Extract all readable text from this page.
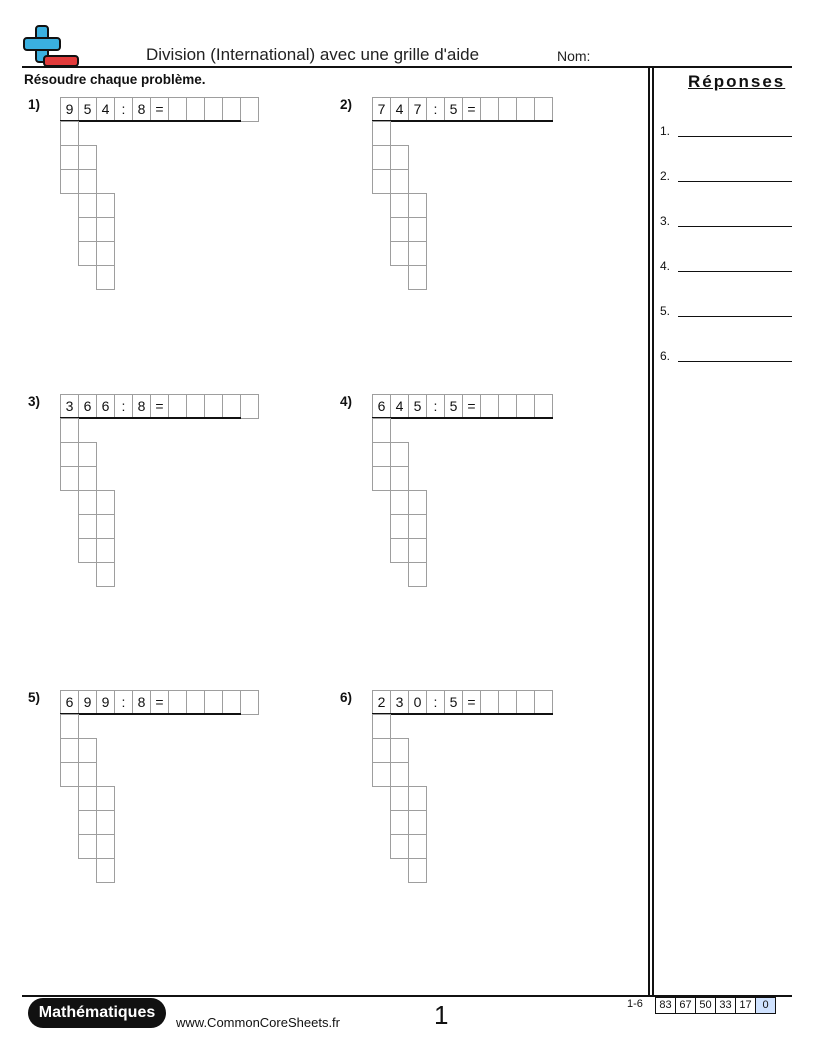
Division (International) avec une grille d'aide	Nom:
Résoudre chaque problème.	Réponses
1.
2.
3.
4.
5.
6.
1)	9 5 4 : 8 =	2)	7 4 7 : 5 =
3)	3 6 6 : 8 =	4)	6 4 5 : 5 =
5)	6 9 9 : 8 =	6)	2 3 0 : 5 =
Mathématiques
www.CommonCoreSheets.fr	1	1-6	83 67 50 33 17 0
